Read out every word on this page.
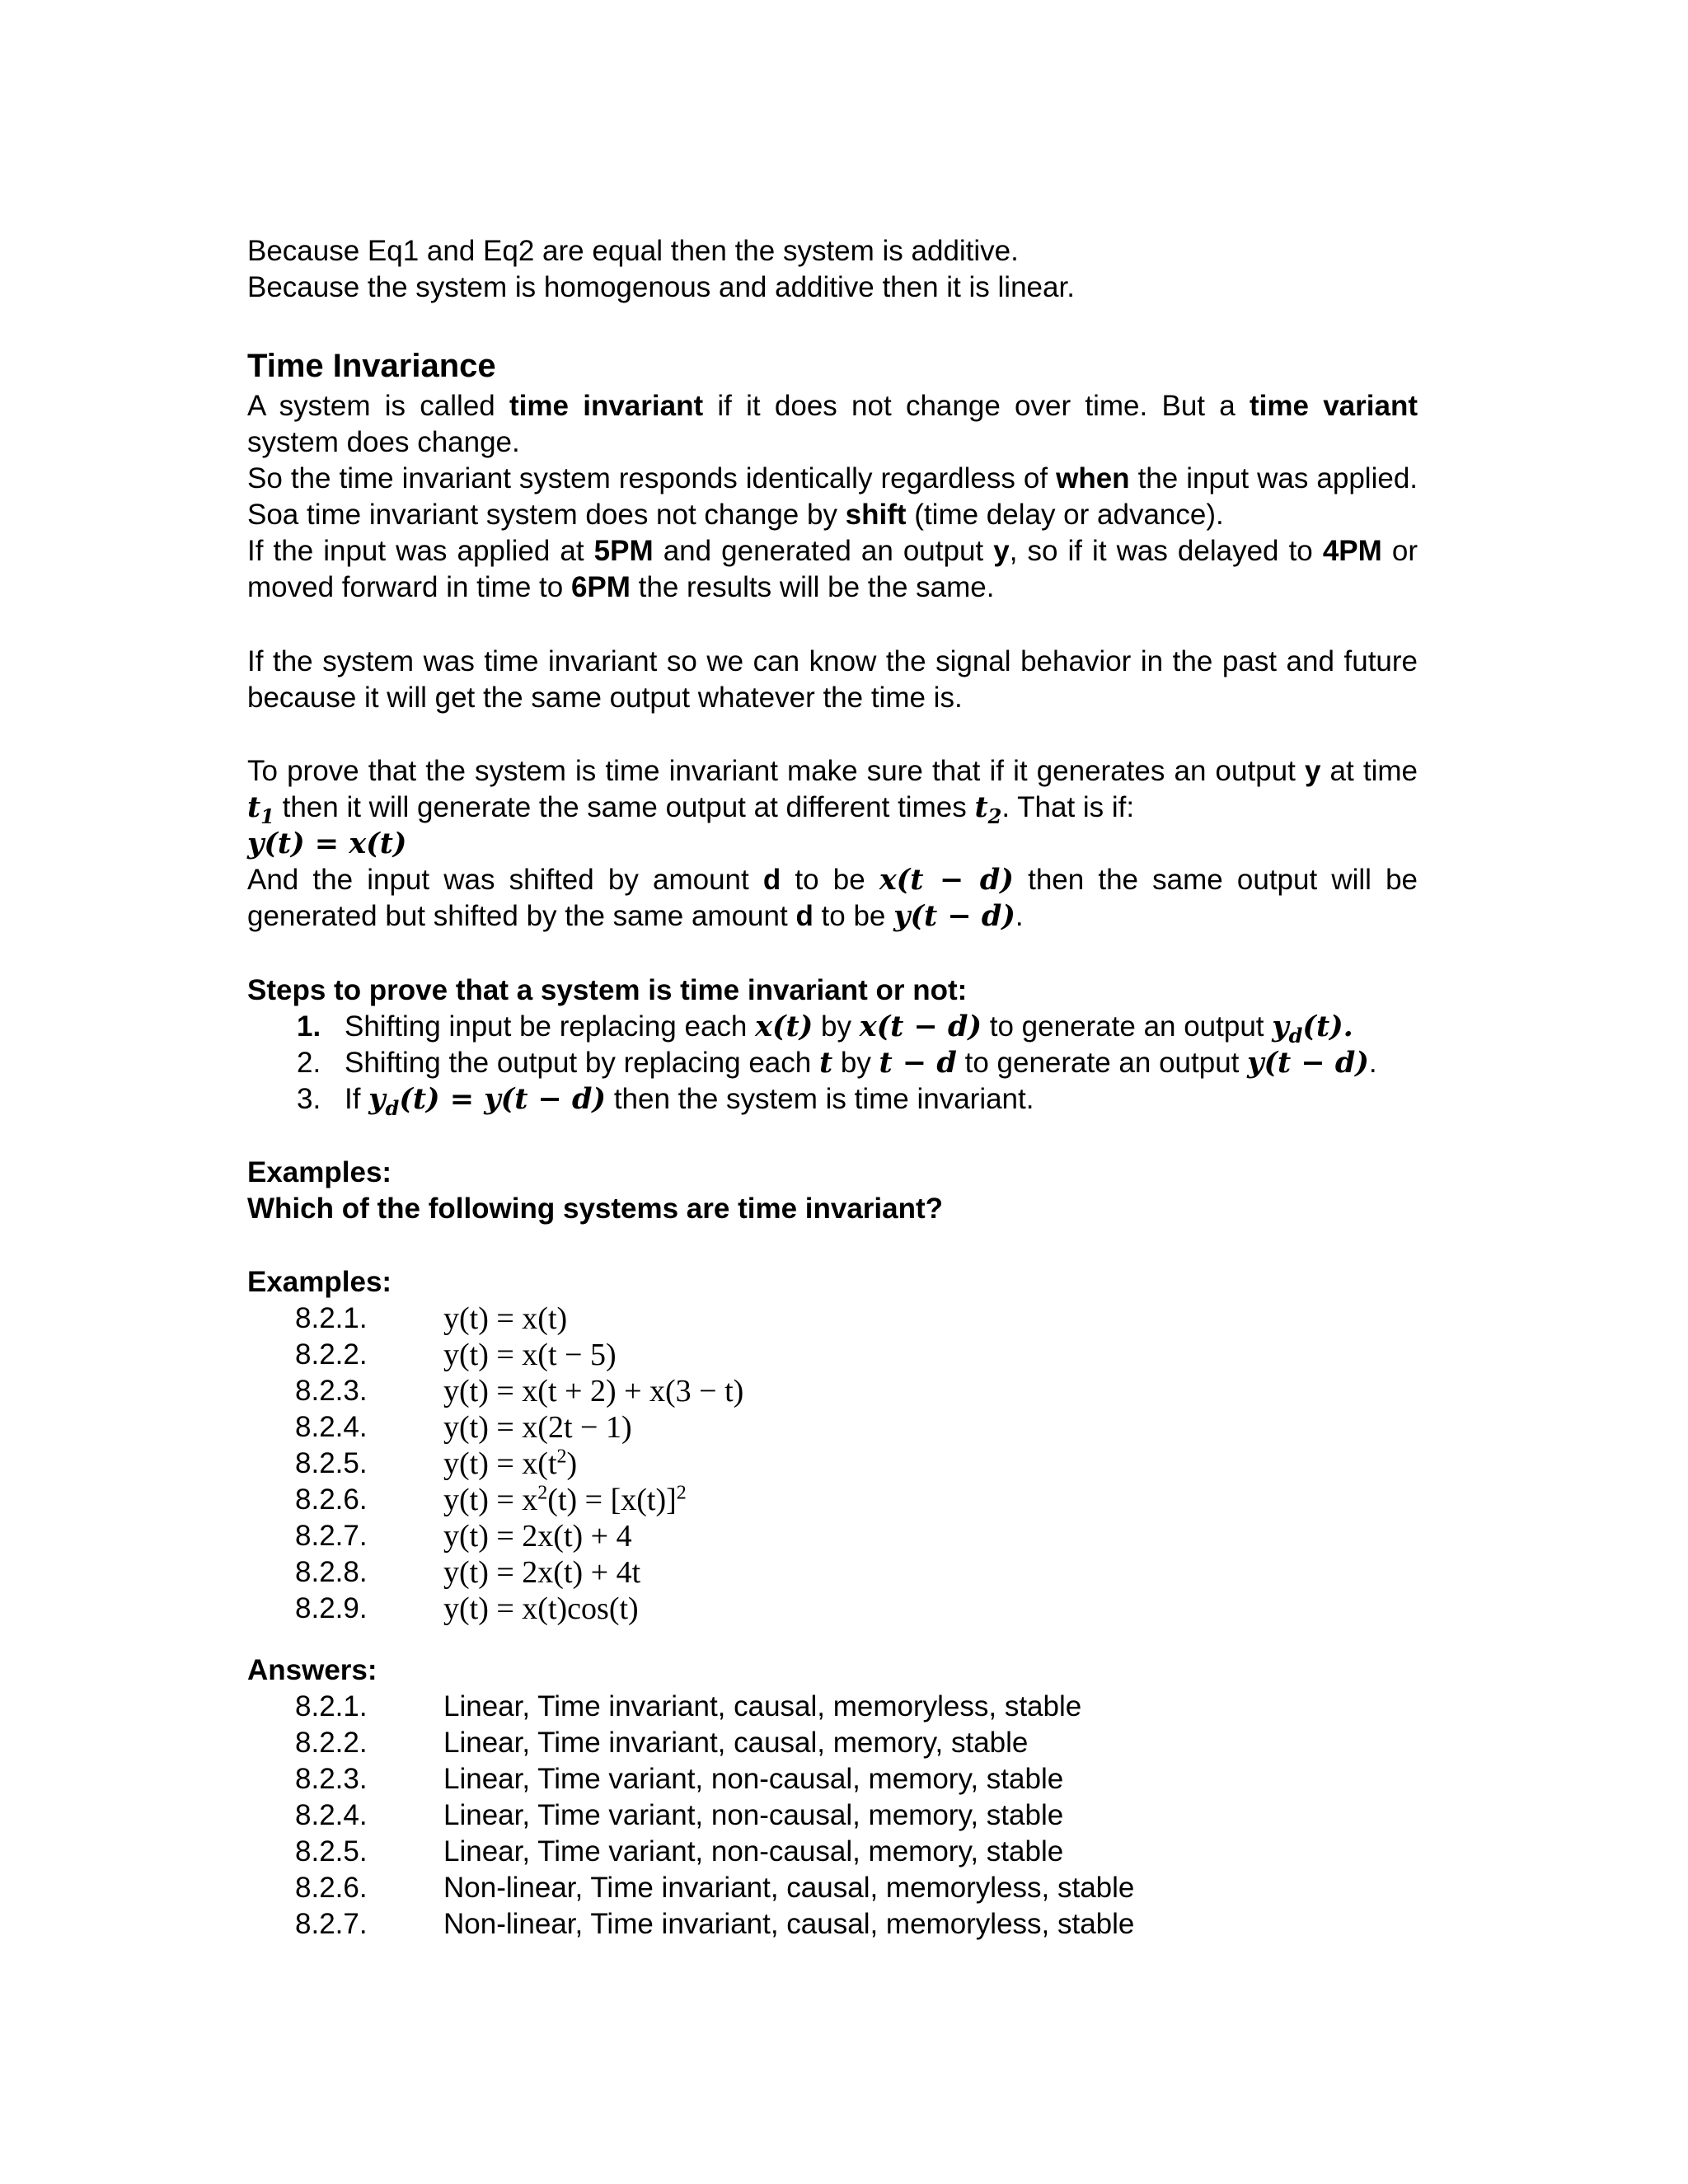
Because Eq1 and Eq2 are equal then the system is additive.
Because the system is homogenous and additive then it is linear.
Time Invariance
A system is called time invariant if it does not change over time. But a time variant system does change.
So the time invariant system responds identically regardless of when the input was applied. Soa time invariant system does not change by shift (time delay or advance).
If the input was applied at 5PM and generated an output y, so if it was delayed to 4PM or moved forward in time to 6PM the results will be the same.
If the system was time invariant so we can know the signal behavior in the past and future because it will get the same output whatever the time is.
To prove that the system is time invariant make sure that if it generates an output y at time $t_1$ then it will generate the same output at different times $t_2$. That is if:
y(t) = x(t)
And the input was shifted by amount d to be x(t − d) then the same output will be generated but shifted by the same amount d to be y(t − d).
Steps to prove that a system is time invariant or not:
1. Shifting input be replacing each x(t) by x(t − d) to generate an output $y_d(t)$.
2. Shifting the output by replacing each t by t − d to generate an output y(t − d).
3. If $y_d(t) = y(t - d)$ then the system is time invariant.
Examples:
Which of the following systems are time invariant?
Examples:
8.2.1. y(t) = x(t)
8.2.2. y(t) = x(t − 5)
8.2.3. y(t) = x(t + 2) + x(3 − t)
8.2.4. y(t) = x(2t − 1)
8.2.5. $y(t) = x(t^2)$
8.2.6. $y(t) = x^2(t) = [x(t)]^2$
8.2.7. y(t) = 2x(t) + 4
8.2.8. y(t) = 2x(t) + 4t
8.2.9. y(t) = x(t)cos(t)
Answers:
8.2.1.	Linear, Time invariant, causal, memoryless, stable
8.2.2.	Linear, Time invariant, causal, memory, stable
8.2.3.	Linear, Time variant, non-causal, memory, stable
8.2.4.	Linear, Time variant, non-causal, memory, stable
8.2.5.	Linear, Time variant, non-causal, memory, stable
8.2.6.	Non-linear, Time invariant, causal, memoryless, stable
8.2.7.	Non-linear, Time invariant, causal, memoryless, stable
